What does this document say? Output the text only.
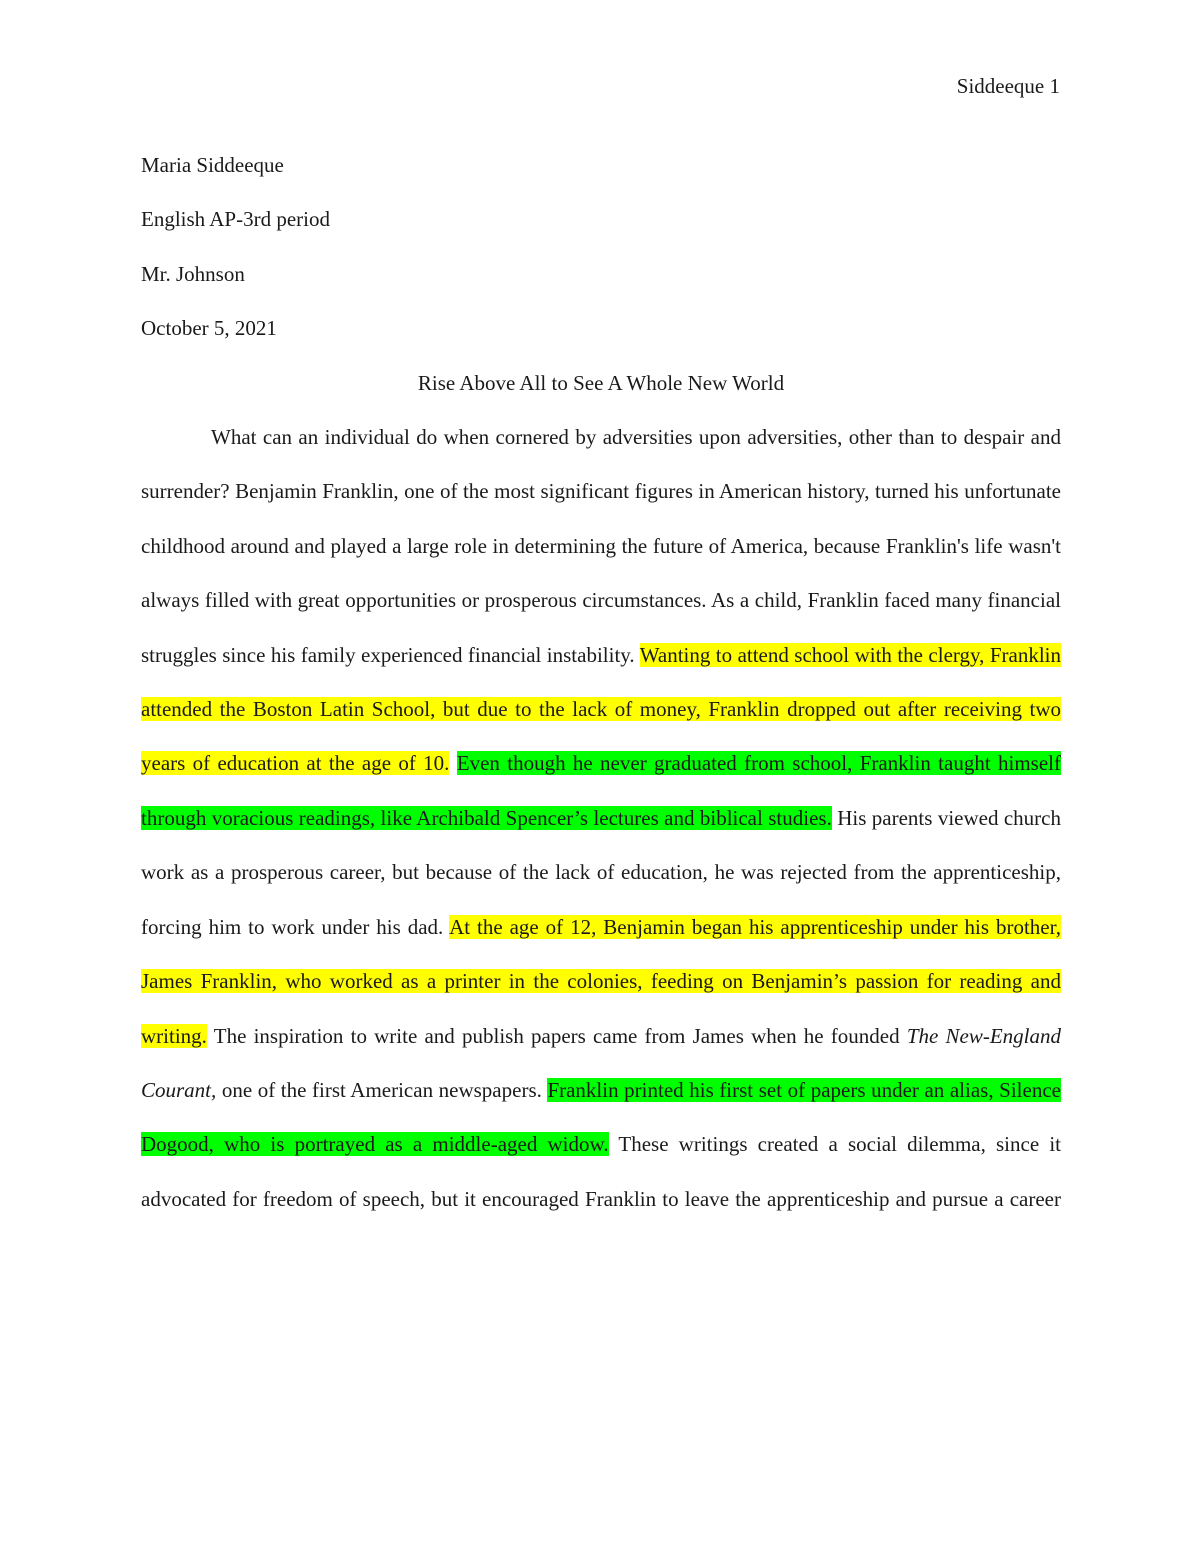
Siddeeque 1

Maria Siddeeque

English AP-3rd period

Mr. Johnson

October 5, 2021

Rise Above All to See A Whole New World

What can an individual do when cornered by adversities upon adversities, other than to despair and surrender? Benjamin Franklin, one of the most significant figures in American history, turned his unfortunate childhood around and played a large role in determining the future of America, because Franklin's life wasn't always filled with great opportunities or prosperous circumstances. As a child, Franklin faced many financial struggles since his family experienced financial instability. Wanting to attend school with the clergy, Franklin attended the Boston Latin School, but due to the lack of money, Franklin dropped out after receiving two years of education at the age of 10. Even though he never graduated from school, Franklin taught himself through voracious readings, like Archibald Spencer’s lectures and biblical studies. His parents viewed church work as a prosperous career, but because of the lack of education, he was rejected from the apprenticeship, forcing him to work under his dad. At the age of 12, Benjamin began his apprenticeship under his brother, James Franklin, who worked as a printer in the colonies, feeding on Benjamin’s passion for reading and writing. The inspiration to write and publish papers came from James when he founded The New-England Courant, one of the first American newspapers. Franklin printed his first set of papers under an alias, Silence Dogood, who is portrayed as a middle-aged widow. These writings created a social dilemma, since it advocated for freedom of speech, but it encouraged Franklin to leave the apprenticeship and pursue a career
